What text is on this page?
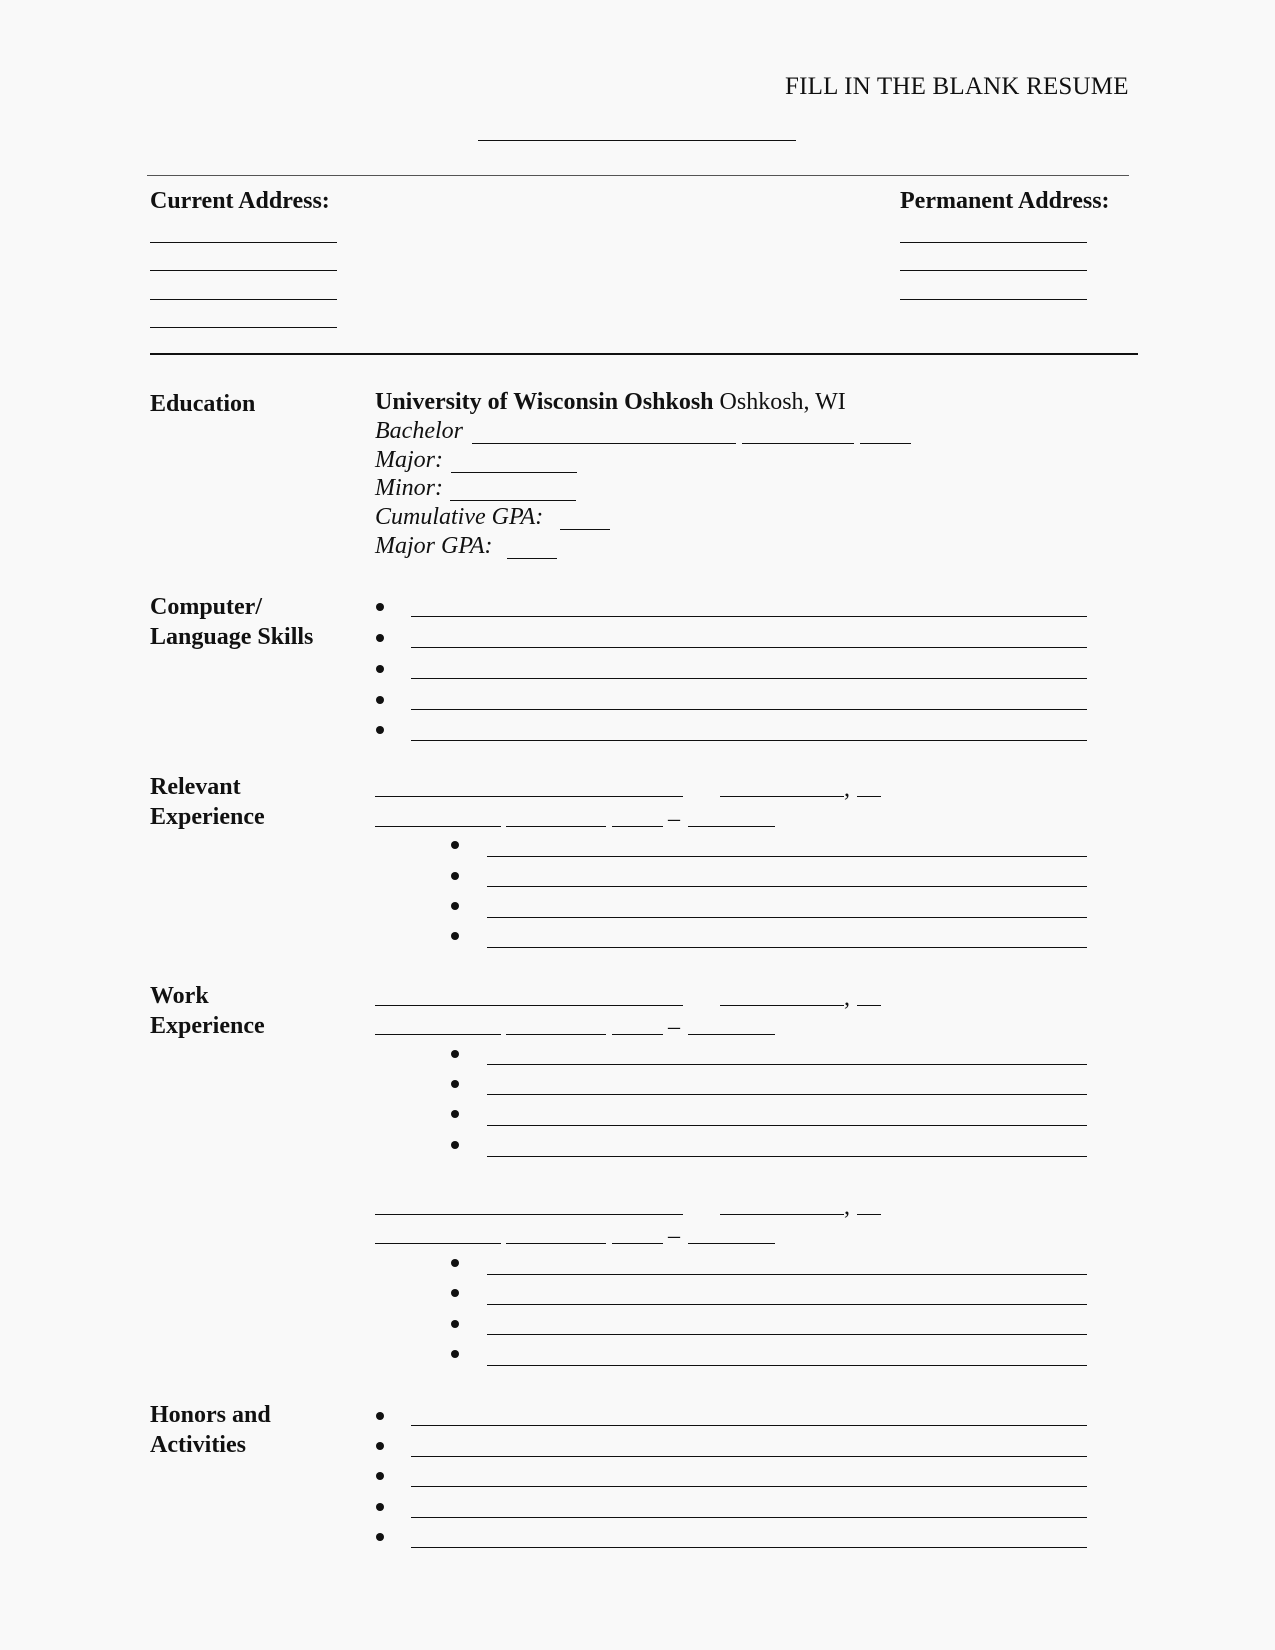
FILL IN THE BLANK RESUME
Current Address:	Permanent Address:
Education	University of Wisconsin Oshkosh Oshkosh, WI
Bachelor
Major:
Minor:
Cumulative GPA:
Major GPA:
Computer/
Language Skills
Relevant
Experience
,
–
Work
Experience
,
–
,
–
Honors and
Activities
